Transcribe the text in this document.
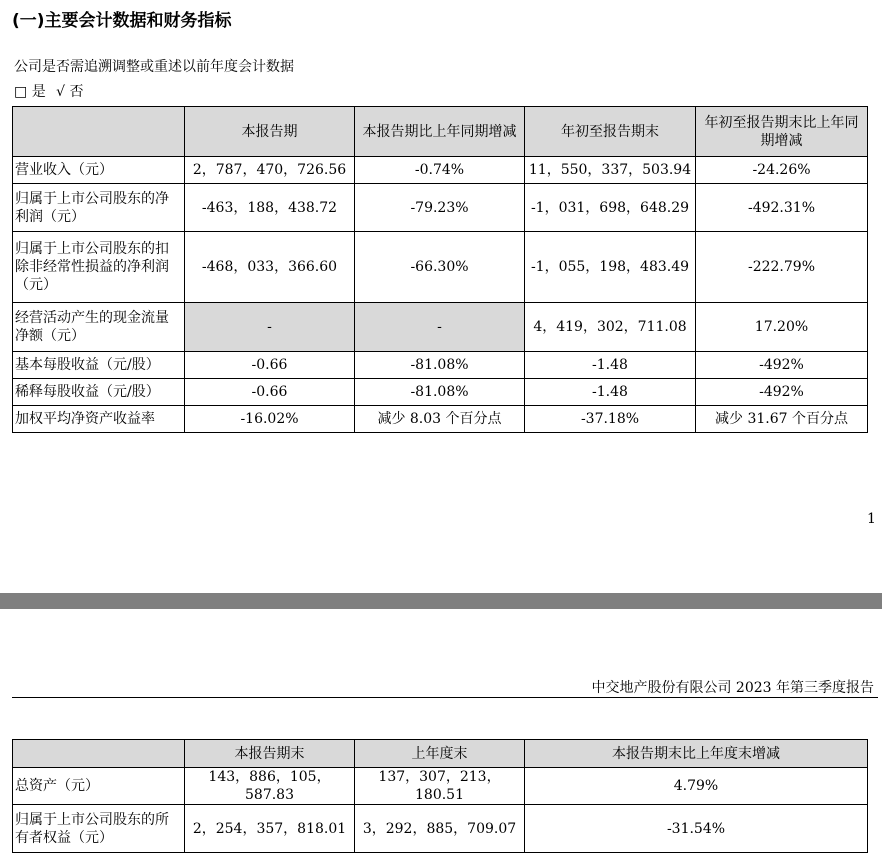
(一)主要会计数据和财务指标
公司是否需追溯调整或重述以前年度会计数据
□ 是 √ 否
	本报告期	本报告期比上年同期增减	年初至报告期末	年初至报告期末比上年同期增减
营业收入（元）	2，787，470，726.56	-0.74%	11，550，337，503.94	-24.26%
归属于上市公司股东的净利润（元）	-463，188，438.72	-79.23%	-1，031，698，648.29	-492.31%
归属于上市公司股东的扣除非经常性损益的净利润（元）	-468，033，366.60	-66.30%	-1，055，198，483.49	-222.79%
经营活动产生的现金流量净额（元）	-	-	4，419，302，711.08	17.20%
基本每股收益（元/股）	-0.66	-81.08%	-1.48	-492%
稀释每股收益（元/股）	-0.66	-81.08%	-1.48	-492%
加权平均净资产收益率	-16.02%	减少 8.03 个百分点	-37.18%	减少 31.67 个百分点
1
中交地产股份有限公司 2023 年第三季度报告
	本报告期末	上年度末	本报告期末比上年度末增减
总资产（元）	143，886，105，587.83	137，307，213，180.51	4.79%
归属于上市公司股东的所有者权益（元）	2，254，357，818.01	3，292，885，709.07	-31.54%
